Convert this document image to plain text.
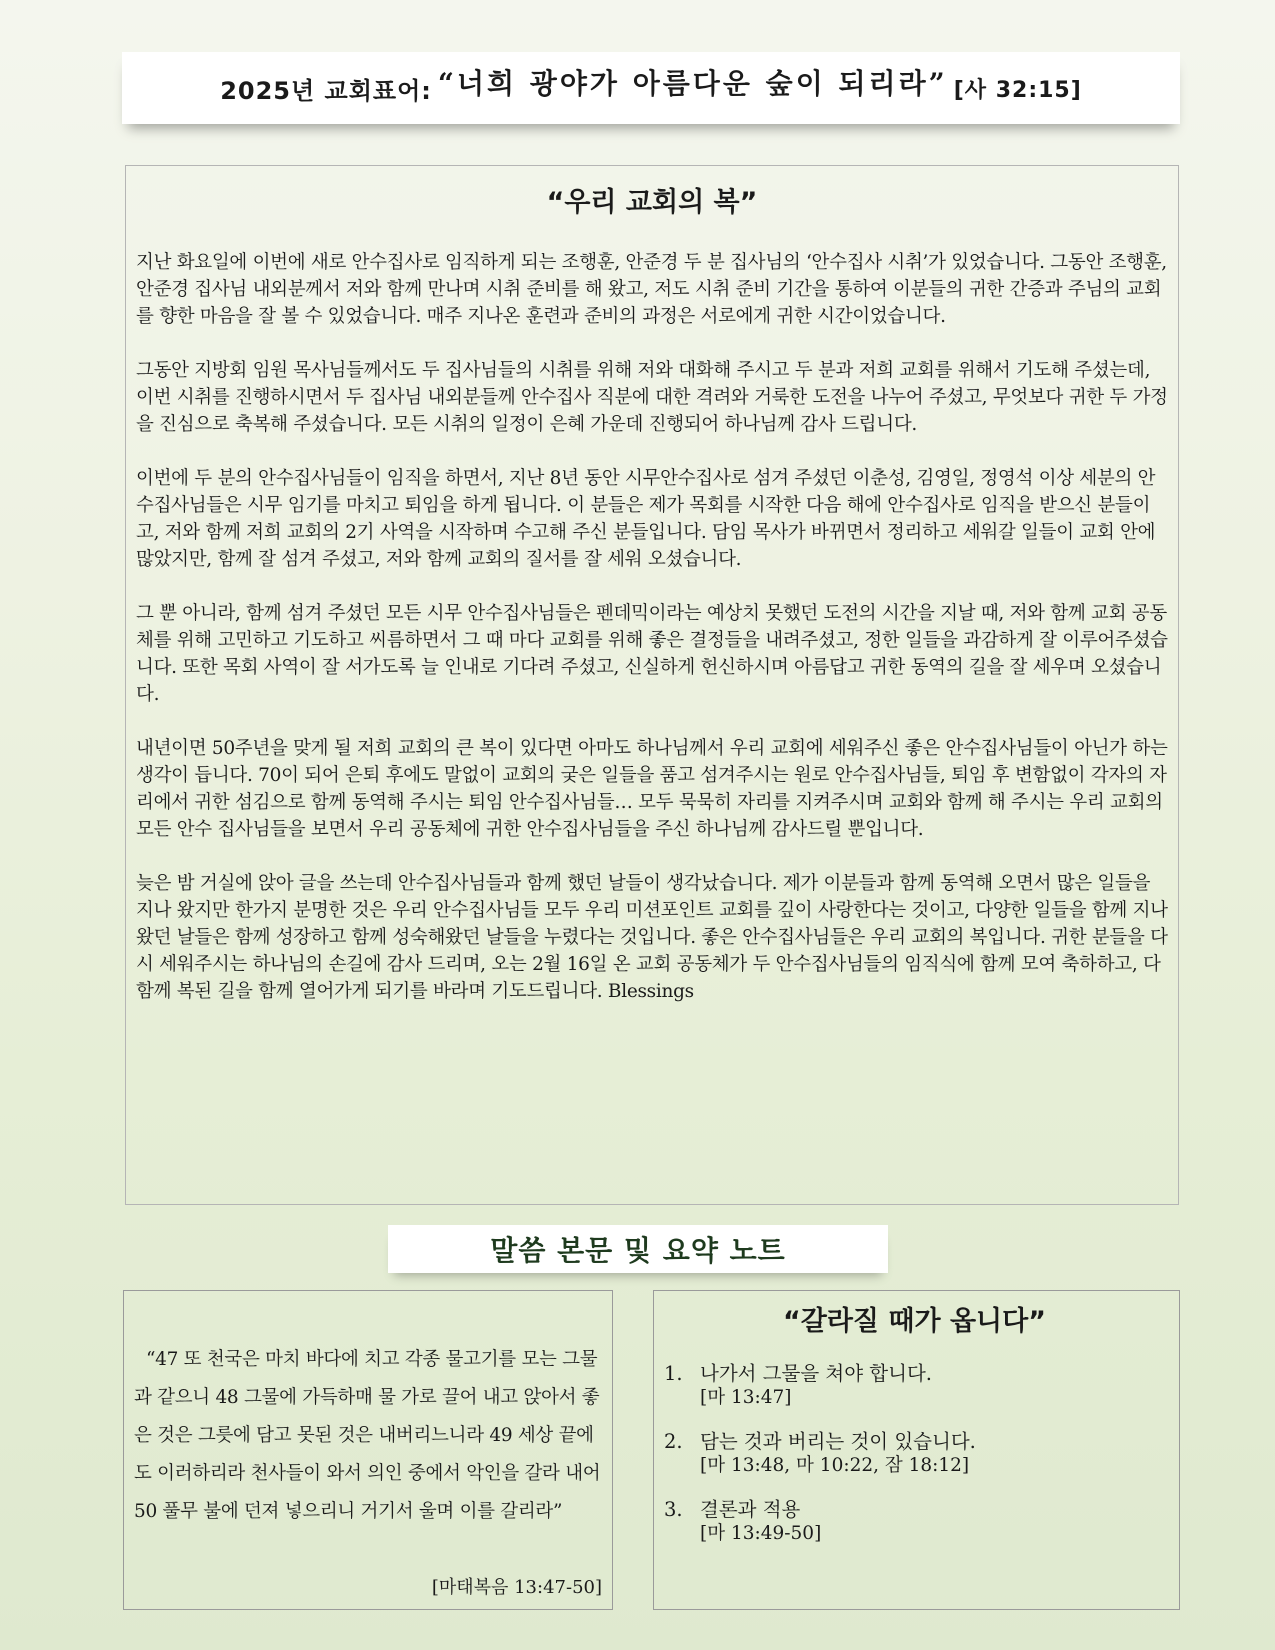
2025년 교회표어: “너희 광야가 아름다운 숲이 되리라” [사 32:15]
“우리 교회의 복”

지난 화요일에 이번에 새로 안수집사로 임직하게 되는 조행훈, 안준경 두 분 집사님의 ‘안수집사 시취’가 있었습니다. 그동안 조행훈, 안준경 집사님 내외분께서 저와 함께 만나며 시취 준비를 해 왔고, 저도 시취 준비 기간을 통하여 이분들의 귀한 간증과 주님의 교회를 향한 마음을 잘 볼 수 있었습니다. 매주 지나온 훈련과 준비의 과정은 서로에게 귀한 시간이었습니다.

그동안 지방회 임원 목사님들께서도 두 집사님들의 시취를 위해 저와 대화해 주시고 두 분과 저희 교회를 위해서 기도해 주셨는데, 이번 시취를 진행하시면서 두 집사님 내외분들께 안수집사 직분에 대한 격려와 거룩한 도전을 나누어 주셨고, 무엇보다 귀한 두 가정을 진심으로 축복해 주셨습니다. 모든 시취의 일정이 은혜 가운데 진행되어 하나님께 감사 드립니다.

이번에 두 분의 안수집사님들이 임직을 하면서, 지난 8년 동안 시무안수집사로 섬겨 주셨던 이춘성, 김영일, 정영석 이상 세분의 안수집사님들은 시무 임기를 마치고 퇴임을 하게 됩니다. 이 분들은 제가 목회를 시작한 다음 해에 안수집사로 임직을 받으신 분들이고, 저와 함께 저희 교회의 2기 사역을 시작하며 수고해 주신 분들입니다. 담임 목사가 바뀌면서 정리하고 세워갈 일들이 교회 안에 많았지만, 함께 잘 섬겨 주셨고, 저와 함께 교회의 질서를 잘 세워 오셨습니다.

그 뿐 아니라, 함께 섬겨 주셨던 모든 시무 안수집사님들은 펜데믹이라는 예상치 못했던 도전의 시간을 지날 때, 저와 함께 교회 공동체를 위해 고민하고 기도하고 씨름하면서 그 때 마다 교회를 위해 좋은 결정들을 내려주셨고, 정한 일들을 과감하게 잘 이루어주셨습니다. 또한 목회 사역이 잘 서가도록 늘 인내로 기다려 주셨고, 신실하게 헌신하시며 아름답고 귀한 동역의 길을 잘 세우며 오셨습니다.

내년이면 50주년을 맞게 될 저희 교회의 큰 복이 있다면 아마도 하나님께서 우리 교회에 세워주신 좋은 안수집사님들이 아닌가 하는 생각이 듭니다. 70이 되어 은퇴 후에도 말없이 교회의 궂은 일들을 품고 섬겨주시는 원로 안수집사님들, 퇴임 후 변함없이 각자의 자리에서 귀한 섬김으로 함께 동역해 주시는 퇴임 안수집사님들… 모두 묵묵히 자리를 지켜주시며 교회와 함께 해 주시는 우리 교회의 모든 안수 집사님들을 보면서 우리 공동체에 귀한 안수집사님들을 주신 하나님께 감사드릴 뿐입니다.

늦은 밤 거실에 앉아 글을 쓰는데 안수집사님들과 함께 했던 날들이 생각났습니다. 제가 이분들과 함께 동역해 오면서 많은 일들을 지나 왔지만 한가지 분명한 것은 우리 안수집사님들 모두 우리 미션포인트 교회를 깊이 사랑한다는 것이고, 다양한 일들을 함께 지나 왔던 날들은 함께 성장하고 함께 성숙해왔던 날들을 누렸다는 것입니다. 좋은 안수집사님들은 우리 교회의 복입니다. 귀한 분들을 다시 세워주시는 하나님의 손길에 감사 드리며, 오는 2월 16일 온 교회 공동체가 두 안수집사님들의 임직식에 함께 모여 축하하고, 다함께 복된 길을 함께 열어가게 되기를 바라며 기도드립니다. Blessings

말씀 본문 및 요약 노트

“47 또 천국은 마치 바다에 치고 각종 물고기를 모는 그물과 같으니 48 그물에 가득하매 물 가로 끌어 내고 앉아서 좋은 것은 그릇에 담고 못된 것은 내버리느니라 49 세상 끝에도 이러하리라 천사들이 와서 의인 중에서 악인을 갈라 내어 50 풀무 불에 던져 넣으리니 거기서 울며 이를 갈리라”

[마태복음 13:47-50]
“갈라질 때가 옵니다”
1. 나가서 그물을 쳐야 합니다.
[마 13:47]
2. 담는 것과 버리는 것이 있습니다.
[마 13:48, 마 10:22, 잠 18:12]
3. 결론과 적용
[마 13:49-50]
